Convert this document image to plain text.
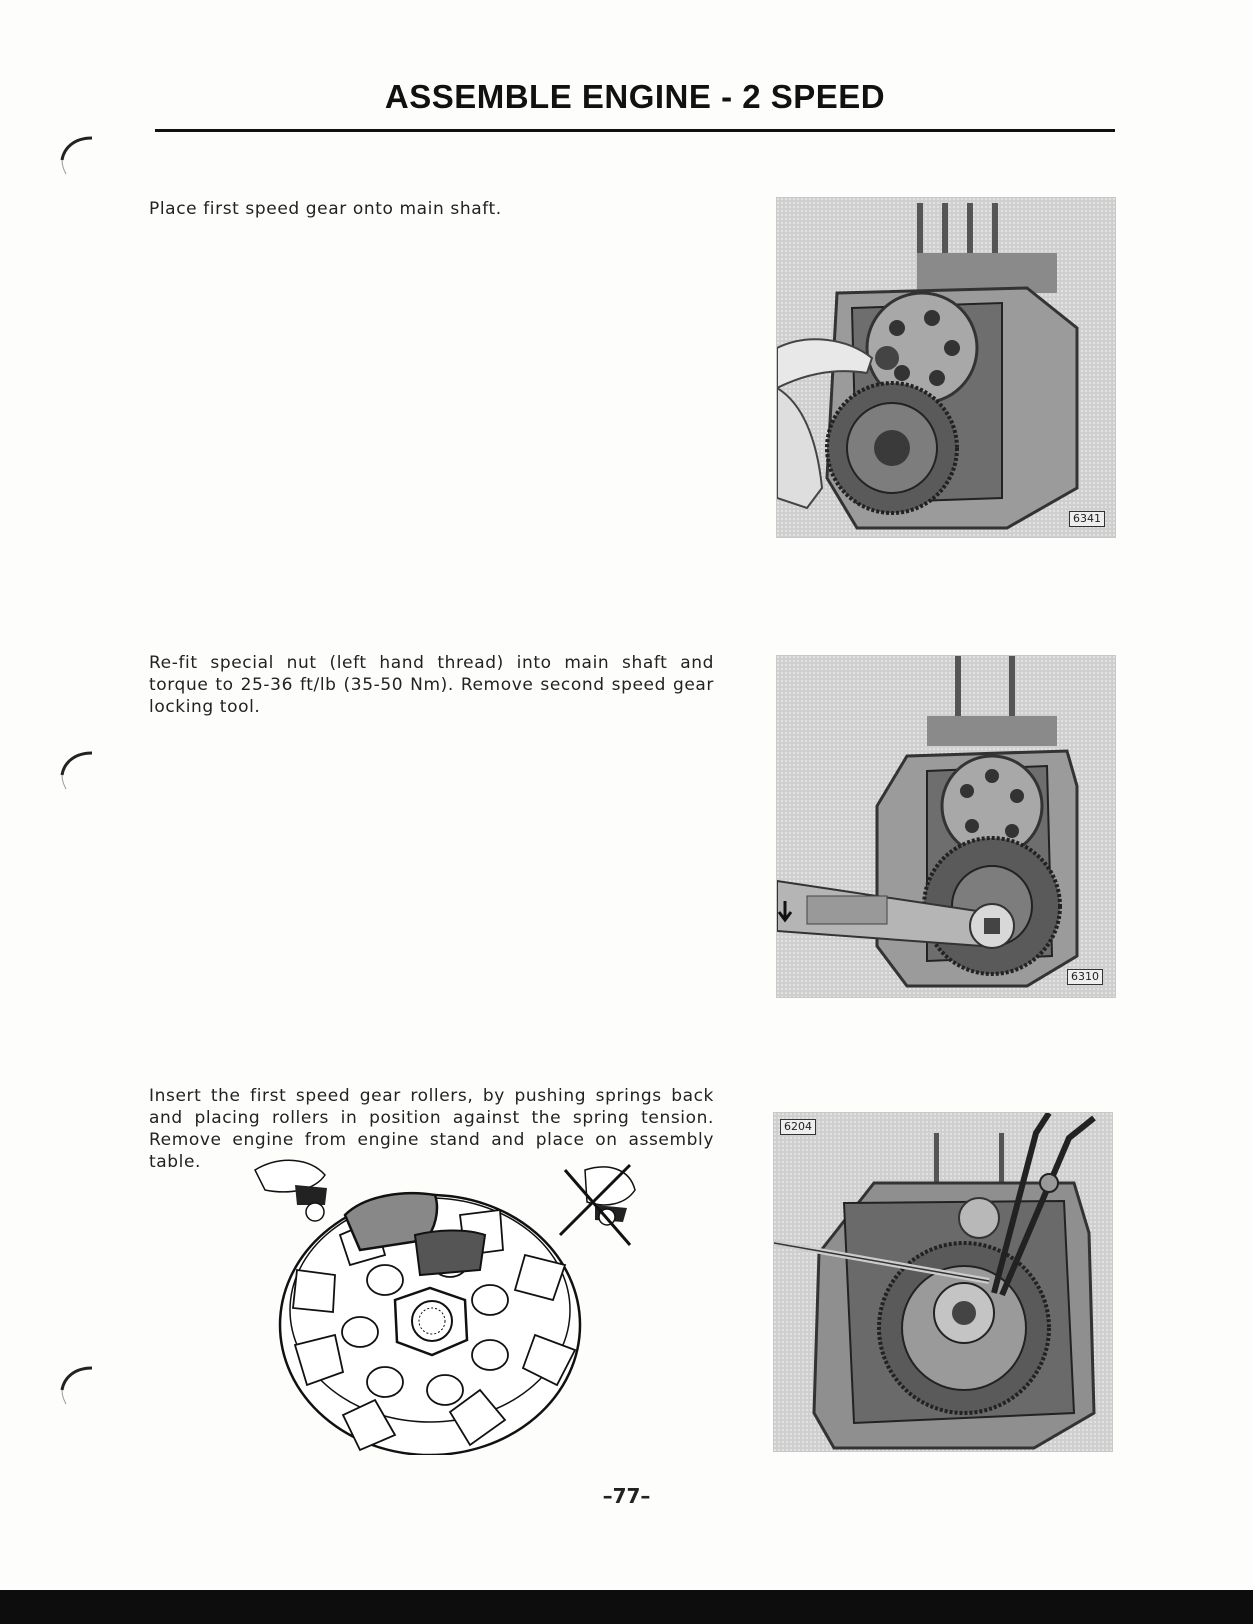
ASSEMBLE ENGINE - 2 SPEED
Place first speed gear onto main shaft.
6341
Re-fit special nut (left hand thread) into main shaft and torque to 25-36 ft/lb (35-50 Nm). Remove second speed gear locking tool.
6310
Insert the first speed gear rollers, by pushing springs back and placing rollers in position against the spring tension. Remove engine from engine stand and place on assembly table.
6204
–77–
